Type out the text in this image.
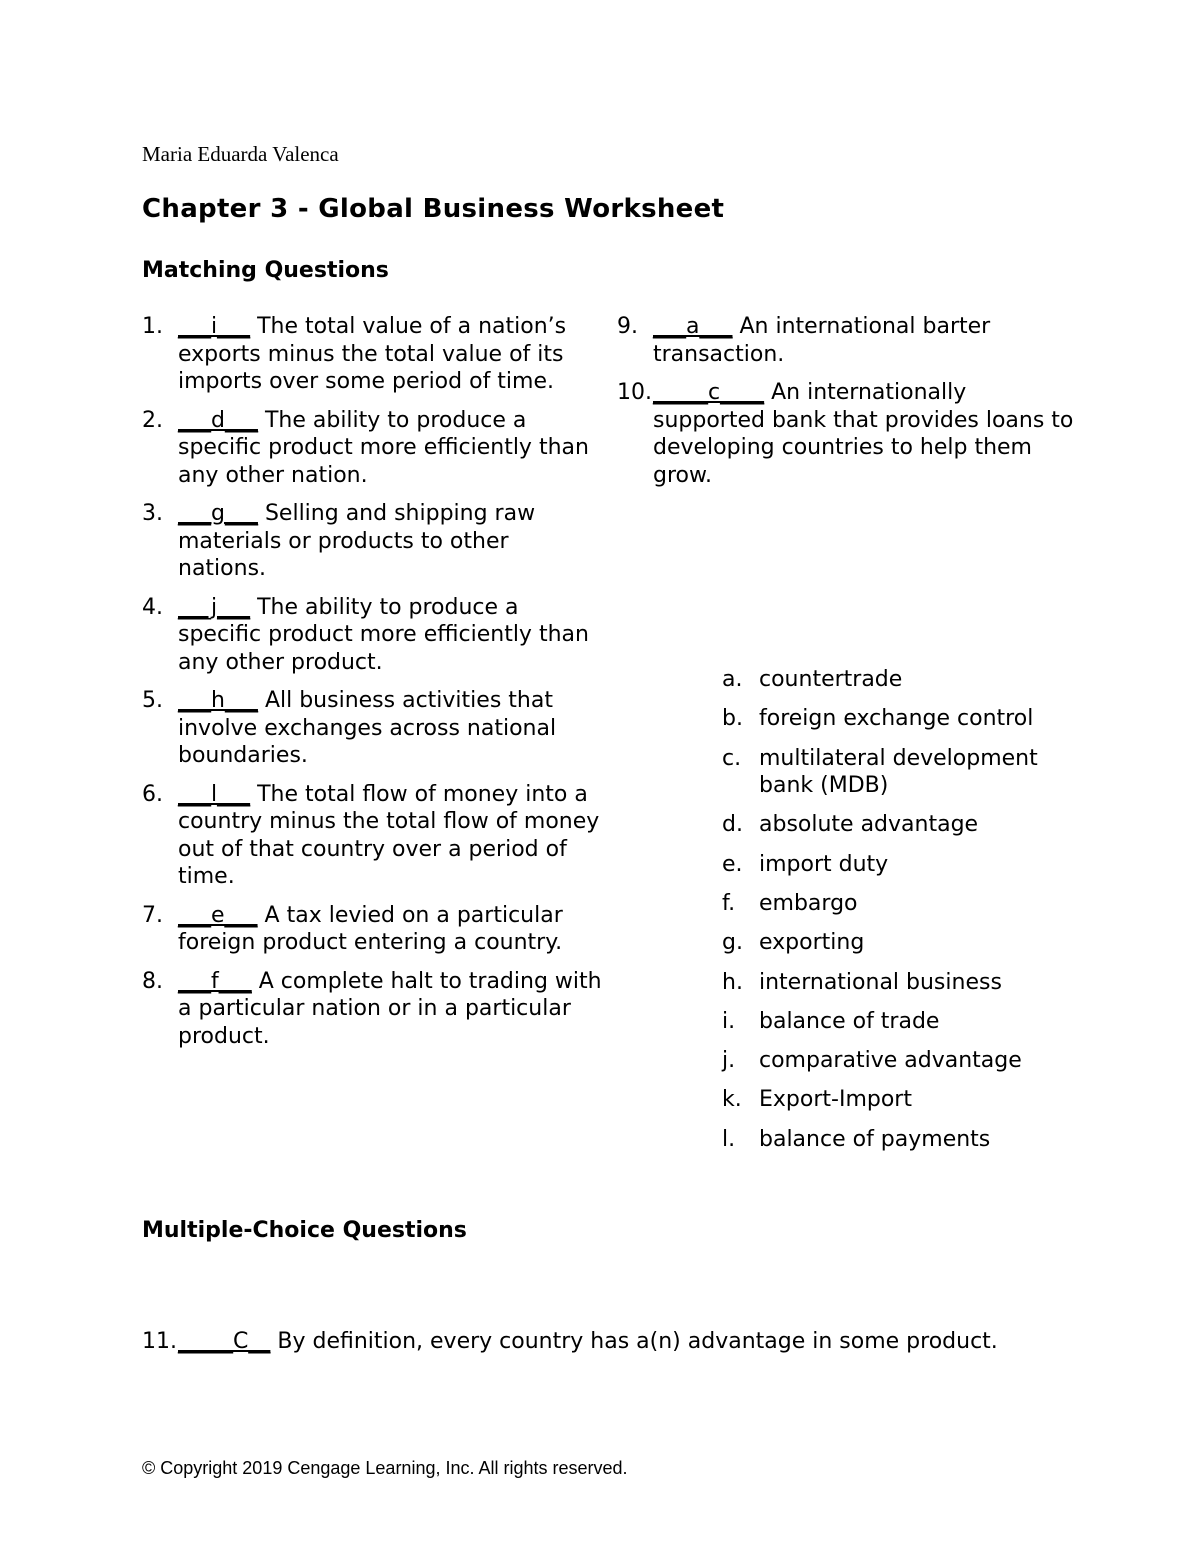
Maria Eduarda Valenca
Chapter 3 - Global Business Worksheet
Matching Questions
1. ___i___ The total value of a nation’s exports minus the total value of its imports over some period of time.
2. ___d___ The ability to produce a specific product more efficiently than any other nation.
3. ___g___ Selling and shipping raw materials or products to other nations.
4. ___j___ The ability to produce a specific product more efficiently than any other product.
5. ___h___ All business activities that involve exchanges across national boundaries.
6. ___l___ The total flow of money into a country minus the total flow of money out of that country over a period of time.
7. ___e___ A tax levied on a particular foreign product entering a country.
8. ___f___ A complete halt to trading with a particular nation or in a particular product.
9. ___a___ An international barter transaction.
10. _____c____ An internationally supported bank that provides loans to developing countries to help them grow.
a. countertrade
b. foreign exchange control
c. multilateral development bank (MDB)
d. absolute advantage
e. import duty
f. embargo
g. exporting
h. international business
i. balance of trade
j. comparative advantage
k. Export-Import
l. balance of payments
Multiple-Choice Questions
11. _____C__ By definition, every country has a(n) advantage in some product.
© Copyright 2019 Cengage Learning, Inc. All rights reserved.
